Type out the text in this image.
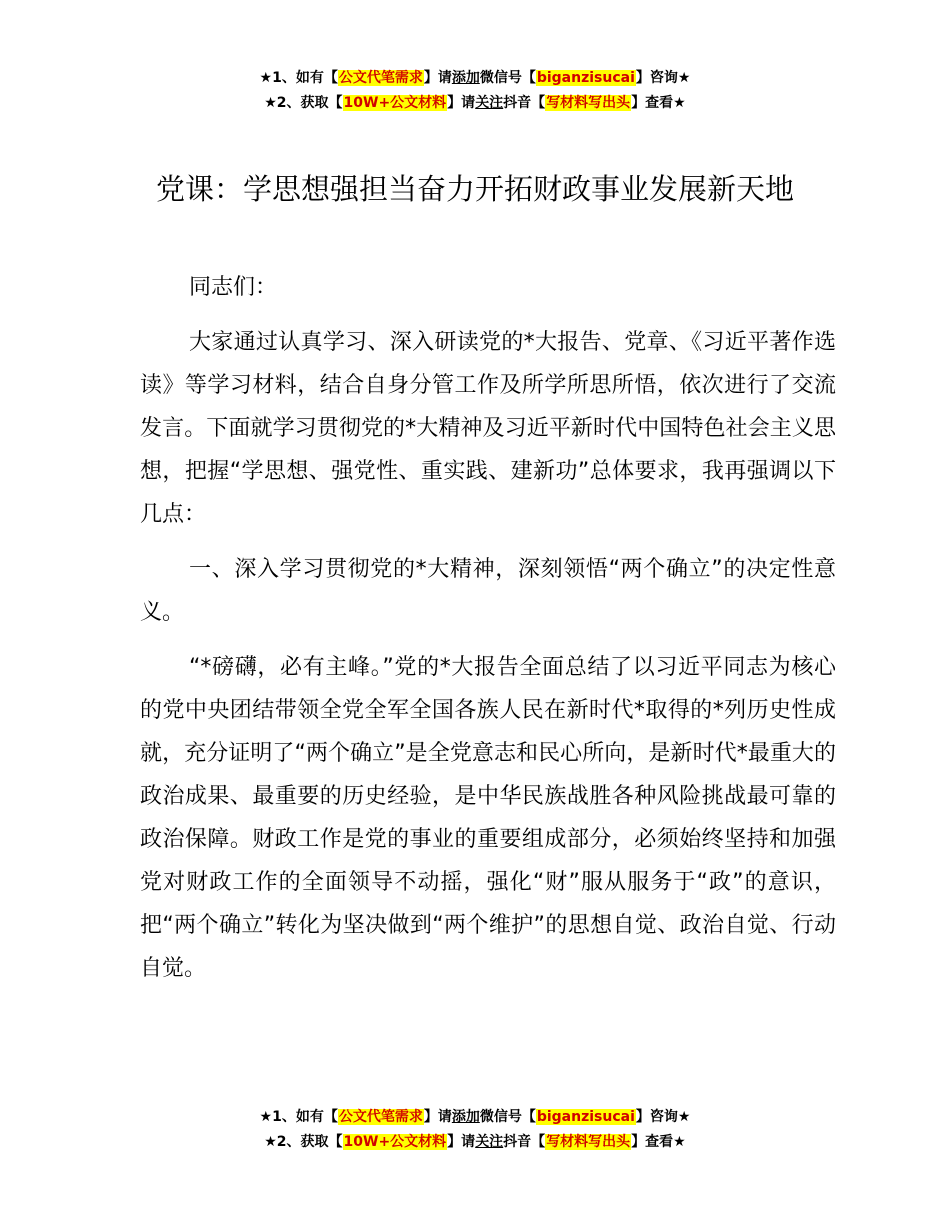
★1、如有【公文代笔需求】请添加微信号【biganzisucai】咨询★
★2、获取【10W+公文材料】请关注抖音【写材料写出头】查看★
党课：学思想强担当奋力开拓财政事业发展新天地

同志们：

大家通过认真学习、深入研读党的*大报告、党章、《习近平著作选读》等学习材料，结合自身分管工作及所学所思所悟，依次进行了交流发言。下面就学习贯彻党的*大精神及习近平新时代中国特色社会主义思想，把握“学思想、强党性、重实践、建新功”总体要求，我再强调以下几点：

一、深入学习贯彻党的*大精神，深刻领悟“两个确立”的决定性意义。

“*磅礴，必有主峰。”党的*大报告全面总结了以习近平同志为核心的党中央团结带领全党全军全国各族人民在新时代*取得的*列历史性成就，充分证明了“两个确立”是全党意志和民心所向，是新时代*最重大的政治成果、最重要的历史经验，是中华民族战胜各种风险挑战最可靠的政治保障。财政工作是党的事业的重要组成部分，必须始终坚持和加强党对财政工作的全面领导不动摇，强化“财”服从服务于“政”的意识，把“两个确立”转化为坚决做到“两个维护”的思想自觉、政治自觉、行动自觉。

★1、如有【公文代笔需求】请添加微信号【biganzisucai】咨询★
★2、获取【10W+公文材料】请关注抖音【写材料写出头】查看★
